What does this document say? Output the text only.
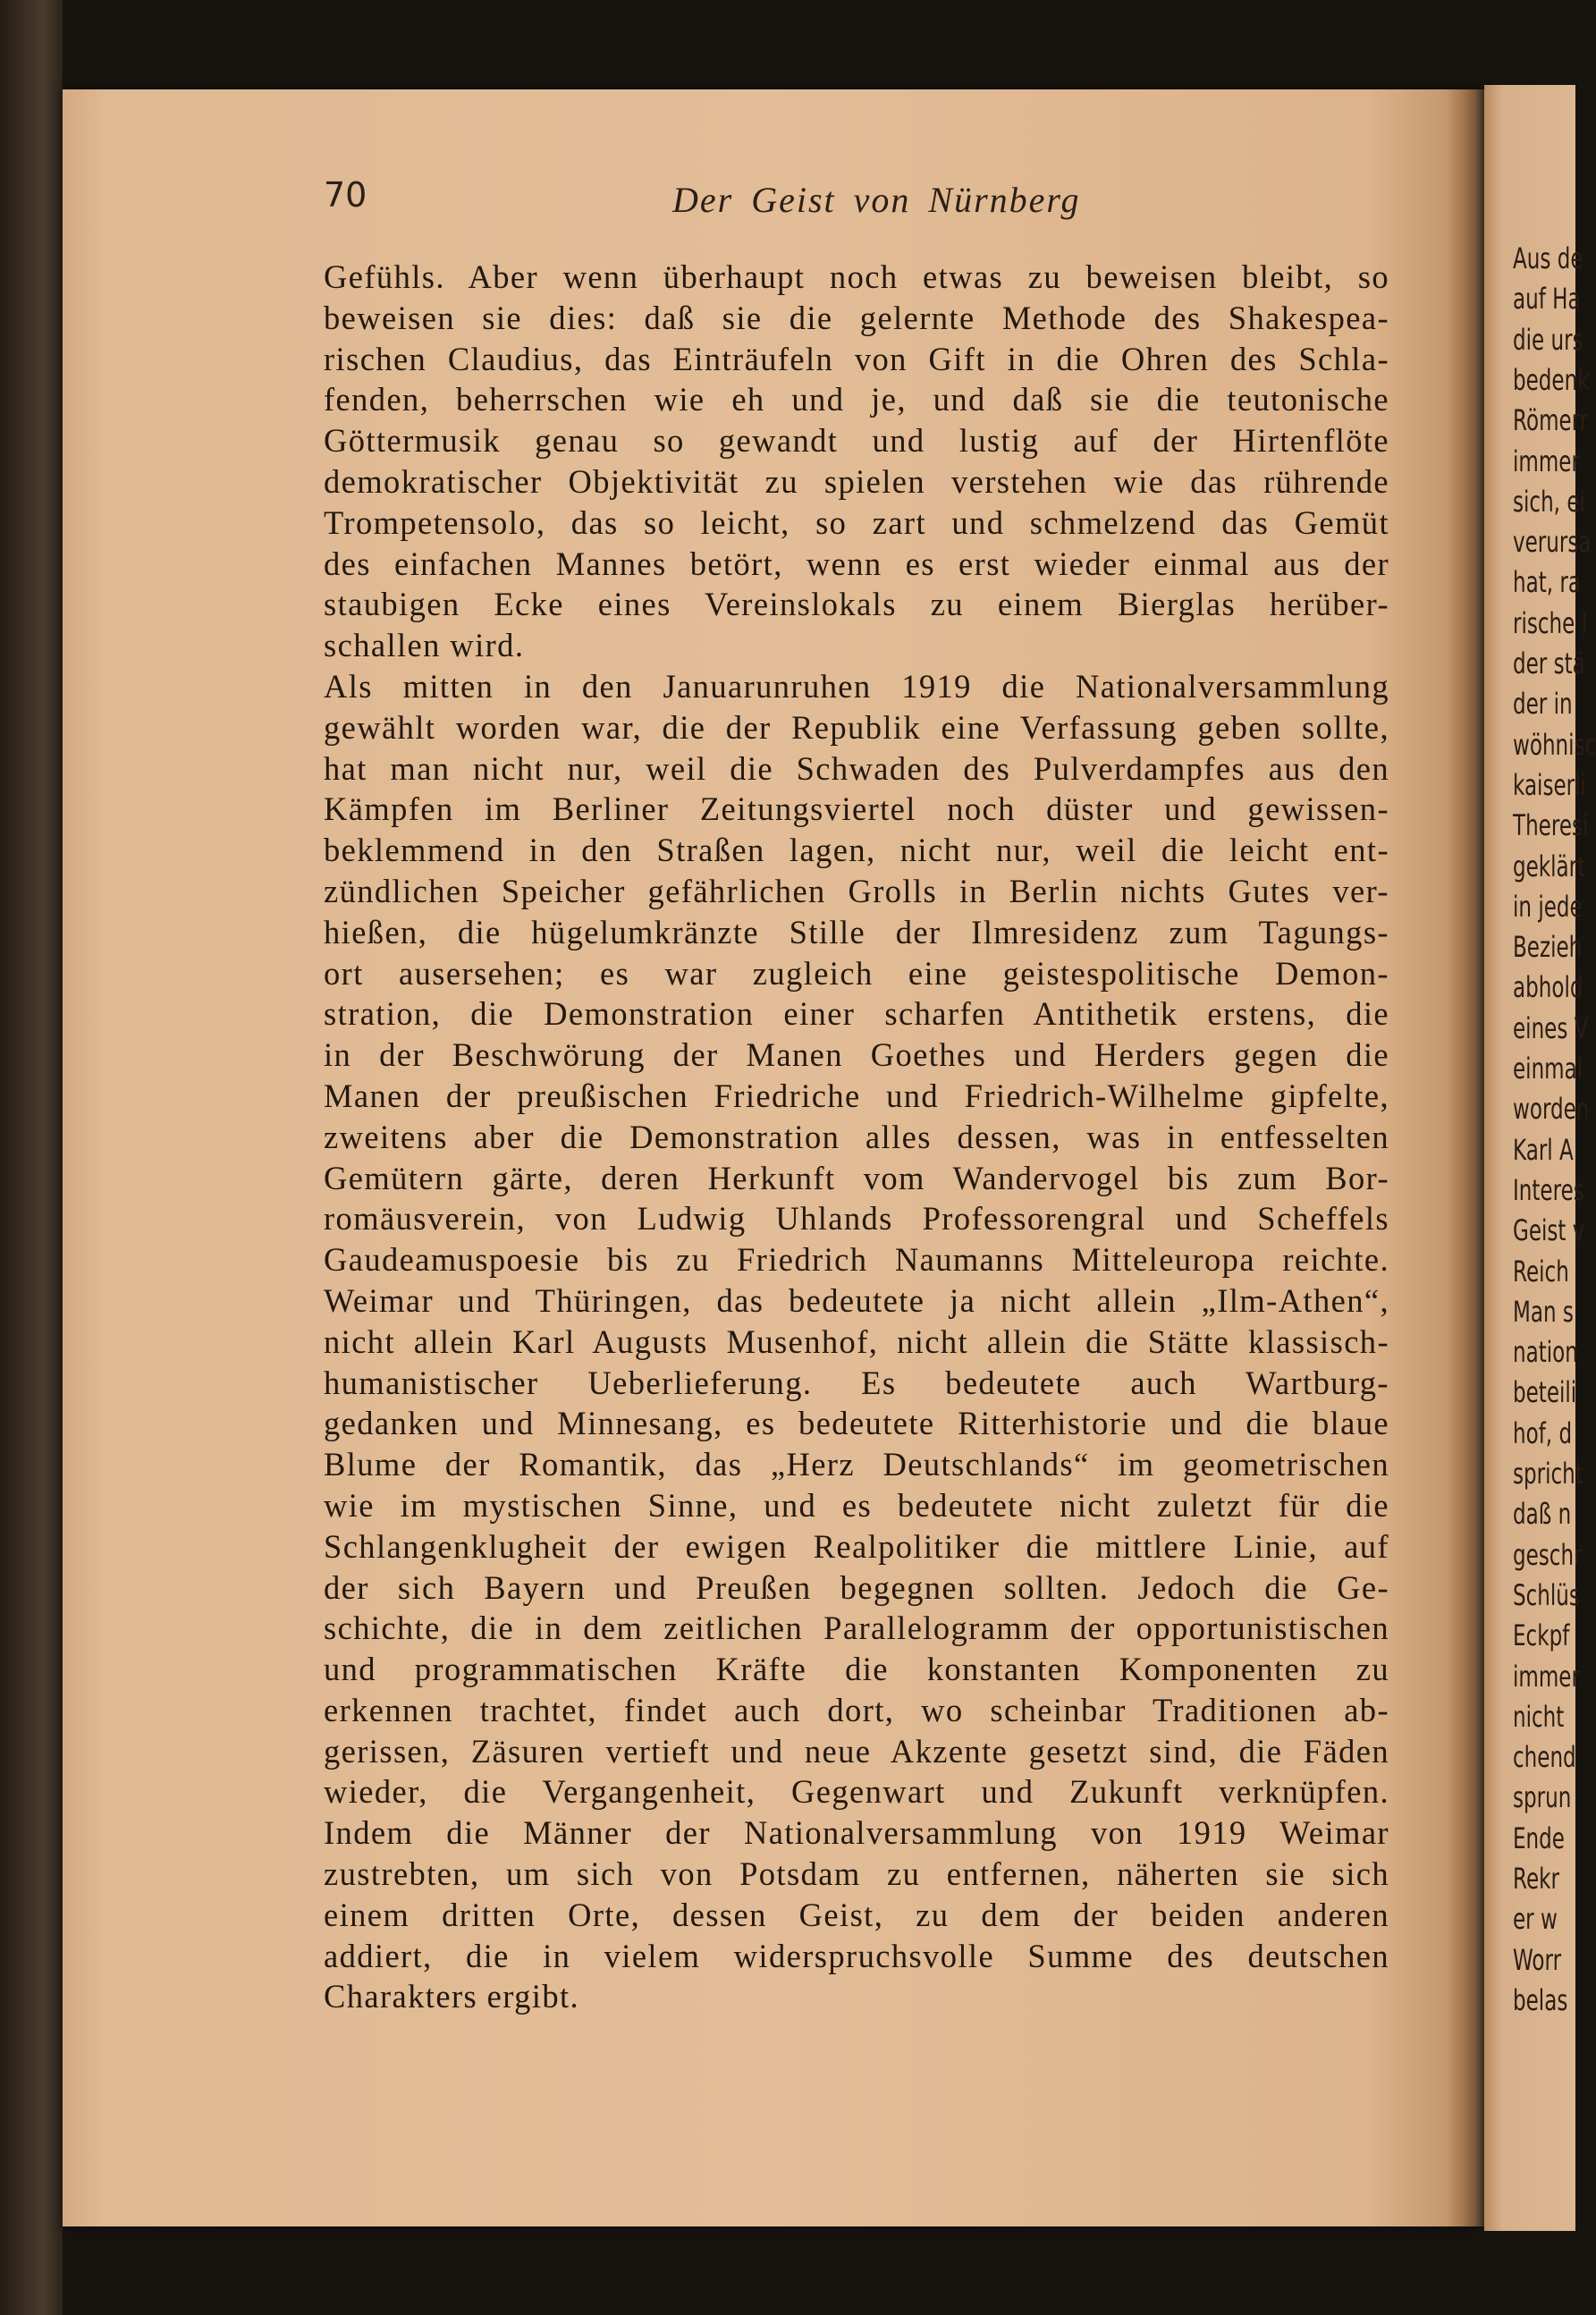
Aus de
auf Ha
die urs
bedenk
Römerr
immer
sich, ei
verursa
hat, ra
rische I
der stä
der in
wöhnisc
kaiserli
Theresi
geklärt
in jede
Bezieh
abhold
eines V
einmal
worden
Karl A
Interes
Geist v
Reich
Man s
nation
beteili
hof, d
spricht
daß n
geschr
Schlüs
Eckpf
immer
nicht
chend
sprun
Ende
Rekr
er w
Worr
belas
70	Der Geist von Nürnberg
Gefühls. Aber wenn überhaupt noch etwas zu beweisen bleibt, so
beweisen sie dies: daß sie die gelernte Methode des Shakespea-
rischen Claudius, das Einträufeln von Gift in die Ohren des Schla-
fenden, beherrschen wie eh und je, und daß sie die teutonische
Göttermusik genau so gewandt und lustig auf der Hirtenflöte
demokratischer Objektivität zu spielen verstehen wie das rührende
Trompetensolo, das so leicht, so zart und schmelzend das Gemüt
des einfachen Mannes betört, wenn es erst wieder einmal aus der
staubigen Ecke eines Vereinslokals zu einem Bierglas herüber-
schallen wird.
Als mitten in den Januarunruhen 1919 die Nationalversammlung
gewählt worden war, die der Republik eine Verfassung geben sollte,
hat man nicht nur, weil die Schwaden des Pulverdampfes aus den
Kämpfen im Berliner Zeitungsviertel noch düster und gewissen-
beklemmend in den Straßen lagen, nicht nur, weil die leicht ent-
zündlichen Speicher gefährlichen Grolls in Berlin nichts Gutes ver-
hießen, die hügelumkränzte Stille der Ilmresidenz zum Tagungs-
ort ausersehen; es war zugleich eine geistespolitische Demon-
stration, die Demonstration einer scharfen Antithetik erstens, die
in der Beschwörung der Manen Goethes und Herders gegen die
Manen der preußischen Friedriche und Friedrich-Wilhelme gipfelte,
zweitens aber die Demonstration alles dessen, was in entfesselten
Gemütern gärte, deren Herkunft vom Wandervogel bis zum Bor-
romäusverein, von Ludwig Uhlands Professorengral und Scheffels
Gaudeamuspoesie bis zu Friedrich Naumanns Mitteleuropa reichte.
Weimar und Thüringen, das bedeutete ja nicht allein „Ilm-Athen“,
nicht allein Karl Augusts Musenhof, nicht allein die Stätte klassisch-
humanistischer Ueberlieferung. Es bedeutete auch Wartburg-
gedanken und Minnesang, es bedeutete Ritterhistorie und die blaue
Blume der Romantik, das „Herz Deutschlands“ im geometrischen
wie im mystischen Sinne, und es bedeutete nicht zuletzt für die
Schlangenklugheit der ewigen Realpolitiker die mittlere Linie, auf
der sich Bayern und Preußen begegnen sollten. Jedoch die Ge-
schichte, die in dem zeitlichen Parallelogramm der opportunistischen
und programmatischen Kräfte die konstanten Komponenten zu
erkennen trachtet, findet auch dort, wo scheinbar Traditionen ab-
gerissen, Zäsuren vertieft und neue Akzente gesetzt sind, die Fäden
wieder, die Vergangenheit, Gegenwart und Zukunft verknüpfen.
Indem die Männer der Nationalversammlung von 1919 Weimar
zustrebten, um sich von Potsdam zu entfernen, näherten sie sich
einem dritten Orte, dessen Geist, zu dem der beiden anderen
addiert, die in vielem widerspruchsvolle Summe des deutschen
Charakters ergibt.
